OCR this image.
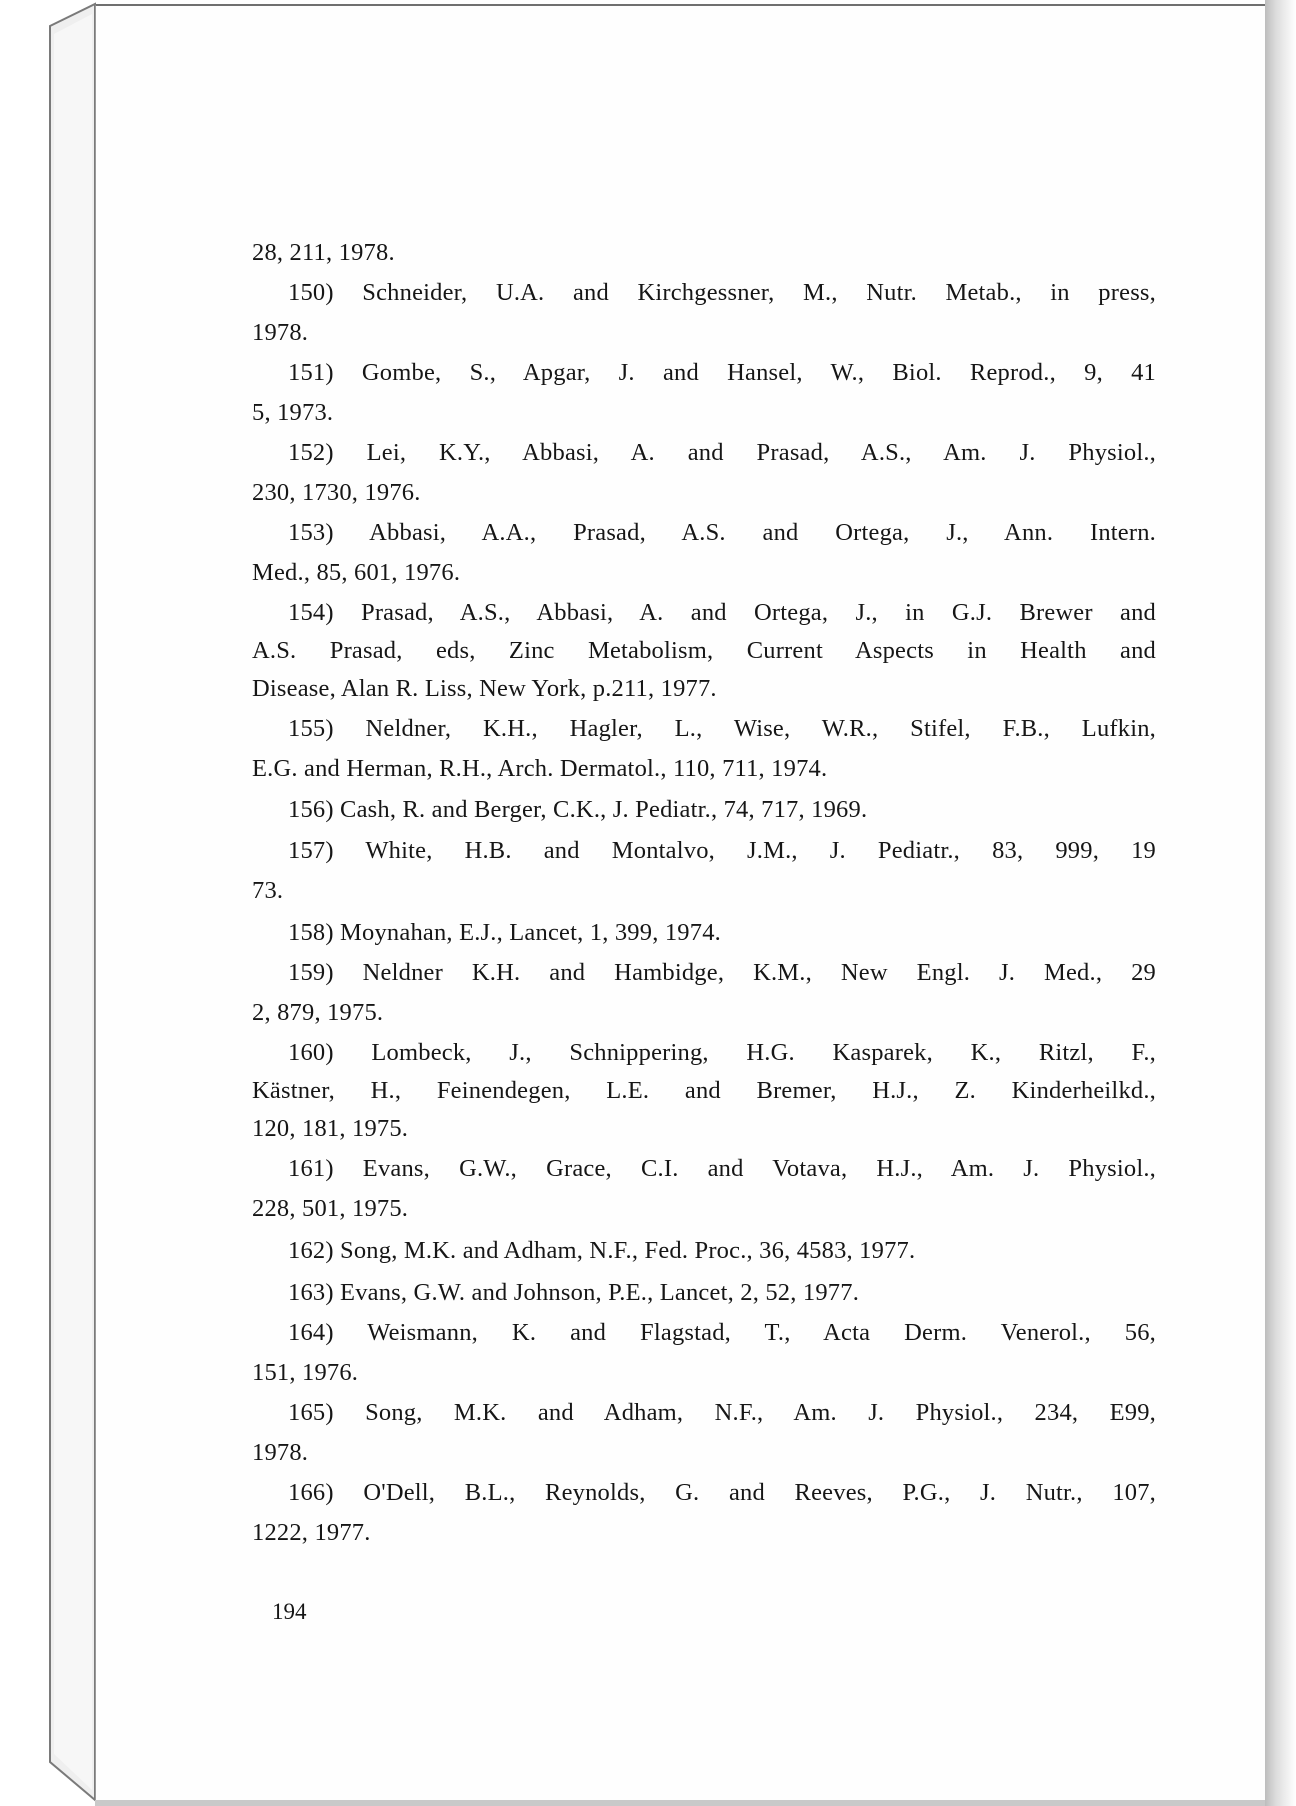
28, 211, 1978.
150) Schneider, U.A. and Kirchgessner, M., Nutr. Metab., in press,
1978.
151) Gombe, S., Apgar, J. and Hansel, W., Biol. Reprod., 9, 41
5, 1973.
152) Lei, K.Y., Abbasi, A. and Prasad, A.S., Am. J. Physiol.,
230, 1730, 1976.
153) Abbasi, A.A., Prasad, A.S. and Ortega, J., Ann. Intern.
Med., 85, 601, 1976.
154) Prasad, A.S., Abbasi, A. and Ortega, J., in G.J. Brewer and
A.S. Prasad, eds, Zinc Metabolism, Current Aspects in Health and
Disease, Alan R. Liss, New York, p.211, 1977.
155) Neldner, K.H., Hagler, L., Wise, W.R., Stifel, F.B., Lufkin,
E.G. and Herman, R.H., Arch. Dermatol., 110, 711, 1974.
156) Cash, R. and Berger, C.K., J. Pediatr., 74, 717, 1969.
157) White, H.B. and Montalvo, J.M., J. Pediatr., 83, 999, 19
73.
158) Moynahan, E.J., Lancet, 1, 399, 1974.
159) Neldner K.H. and Hambidge, K.M., New Engl. J. Med., 29
2, 879, 1975.
160) Lombeck, J., Schnippering, H.G. Kasparek, K., Ritzl, F.,
Kästner, H., Feinendegen, L.E. and Bremer, H.J., Z. Kinderheilkd.,
120, 181, 1975.
161) Evans, G.W., Grace, C.I. and Votava, H.J., Am. J. Physiol.,
228, 501, 1975.
162) Song, M.K. and Adham, N.F., Fed. Proc., 36, 4583, 1977.
163) Evans, G.W. and Johnson, P.E., Lancet, 2, 52, 1977.
164) Weismann, K. and Flagstad, T., Acta Derm. Venerol., 56,
151, 1976.
165) Song, M.K. and Adham, N.F., Am. J. Physiol., 234, E99,
1978.
166) O'Dell, B.L., Reynolds, G. and Reeves, P.G., J. Nutr., 107,
1222, 1977.
194
